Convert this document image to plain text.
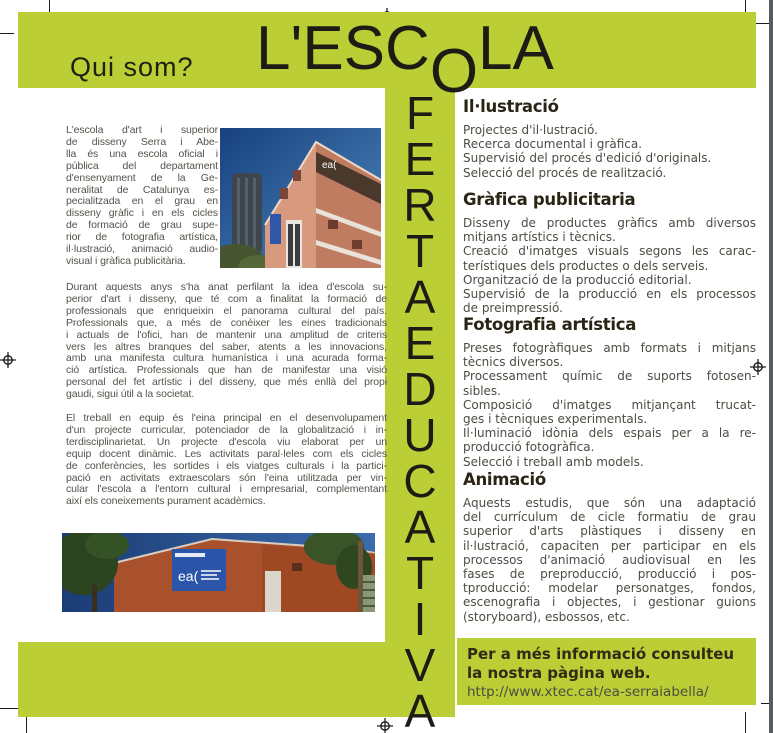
Qui som? L'ESCOLA
F
E
R
T
A
E
D
U
C
A
T
I
V
A
L'escola d'art i superior
de disseny Serra i Abe-
lla és una escola oficial i
pública del departament
d'ensenyament de la Ge-
neralitat de Catalunya es-
pecialitzada en el grau en
disseny gràfic i en els cicles
de formació de grau supe-
rior de fotografia artística,
il·lustració, animació audio-
visual i gràfica publicitària.
Durant aquests anys s'ha anat perfilant la idea d'escola su-
perior d'art i disseny, que té com a finalitat la formació de
professionals que enriqueixin el panorama cultural del país.
Professionals que, a més de conèixer les eines tradicionals
i actuals de l'ofici, han de mantenir una amplitud de criteris
vers les altres branques del saber, atents a les innovacions,
amb una manifesta cultura humanística i una acurada forma-
ció artística. Professionals que han de manifestar una visió
personal del fet artístic i del disseny, que més enllà del propi
gaudi, sigui útil a la societat.
El treball en equip és l'eina principal en el desenvolupament
d'un projecte curricular, potenciador de la globalització i in-
terdisciplinarietat. Un projecte d'escola viu elaborat per un
equip docent dinàmic. Les activitats paral·leles com els cicles
de conferències, les sortides i els viatges culturals i la partici-
pació en activitats extraescolars són l'eina utilitzada per vin-
cular l'escola a l'entorn cultural i empresarial, complementant
així els coneixements purament acadèmics.
ea(
ea(
Il·lustració
Projectes d'il·lustració.
Recerca documental i gràfica.
Supervisió del procés d'edició d'originals.
Selecció del procés de realització.
Gràfica publicitaria
Disseny de productes gràfics amb diversos
mitjans artístics i tècnics.
Creació d'imatges visuals segons les carac-
terístiques dels productes o dels serveis.
Organització de la producció editorial.
Supervisió de la producció en els processos
de preimpressió.
Fotografia artística
Preses fotogràfiques amb formats i mitjans
tècnics diversos.
Processament químic de suports fotosen-
sibles.
Composició d'imatges mitjançant trucat-
ges i tècniques experimentals.
Il·luminació idònia dels espais per a la re-
producció fotogràfica.
Selecció i treball amb models.
Animació
Aquests estudis, que són una adaptació
del currículum de cicle formatiu de grau
superior d'arts plàstiques i disseny en
il·lustració, capaciten per participar en els
processos d'animació audiovisual en les
fases de preproducció, producció i pos-
tproducció: modelar personatges, fondos,
escenografia i objectes, i gestionar guions
(storyboard), esbossos, etc.
Per a més informació consulteu
la nostra pàgina web.
http://www.xtec.cat/ea-serraiabella/
